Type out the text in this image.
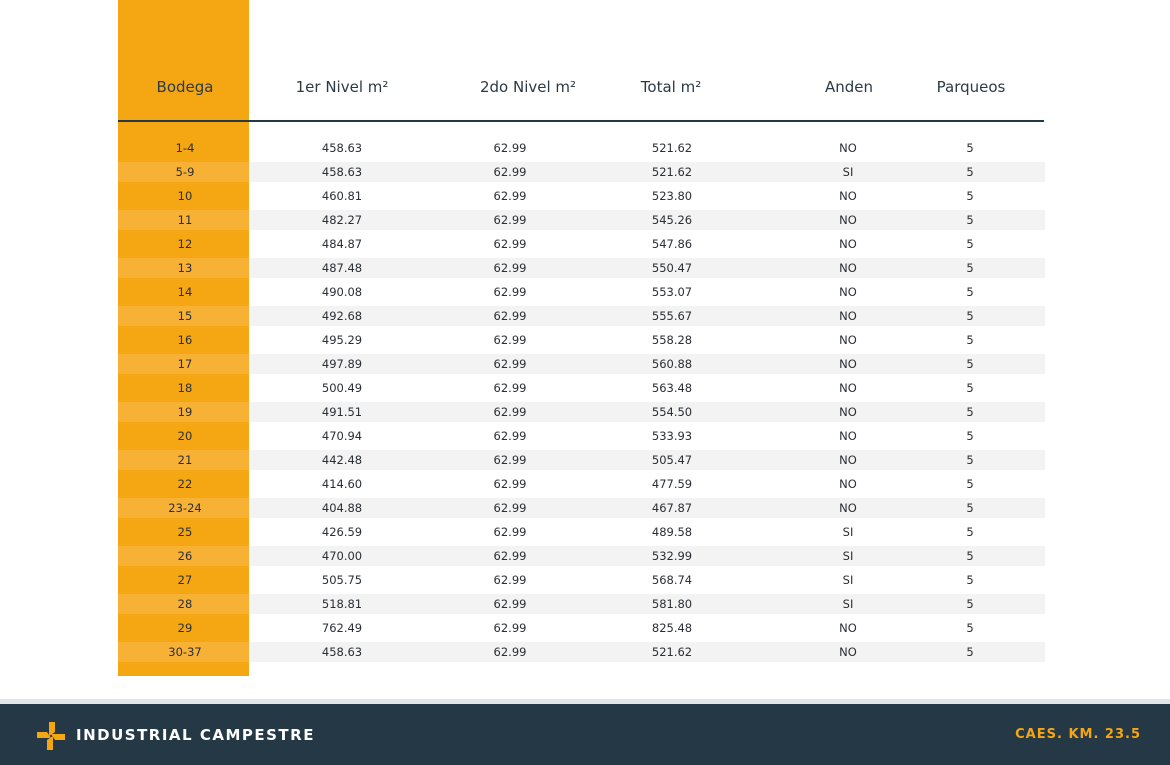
Bodega	1er Nivel m²	2do Nivel m²	Total m²	Anden	Parqueos
1-4	458.63	62.99	521.62	NO	5
5-9	458.63	62.99	521.62	SI	5
10	460.81	62.99	523.80	NO	5
11	482.27	62.99	545.26	NO	5
12	484.87	62.99	547.86	NO	5
13	487.48	62.99	550.47	NO	5
14	490.08	62.99	553.07	NO	5
15	492.68	62.99	555.67	NO	5
16	495.29	62.99	558.28	NO	5
17	497.89	62.99	560.88	NO	5
18	500.49	62.99	563.48	NO	5
19	491.51	62.99	554.50	NO	5
20	470.94	62.99	533.93	NO	5
21	442.48	62.99	505.47	NO	5
22	414.60	62.99	477.59	NO	5
23-24	404.88	62.99	467.87	NO	5
25	426.59	62.99	489.58	SI	5
26	470.00	62.99	532.99	SI	5
27	505.75	62.99	568.74	SI	5
28	518.81	62.99	581.80	SI	5
29	762.49	62.99	825.48	NO	5
30-37	458.63	62.99	521.62	NO	5
INDUSTRIAL CAMPESTRE	CAES. KM. 23.5
